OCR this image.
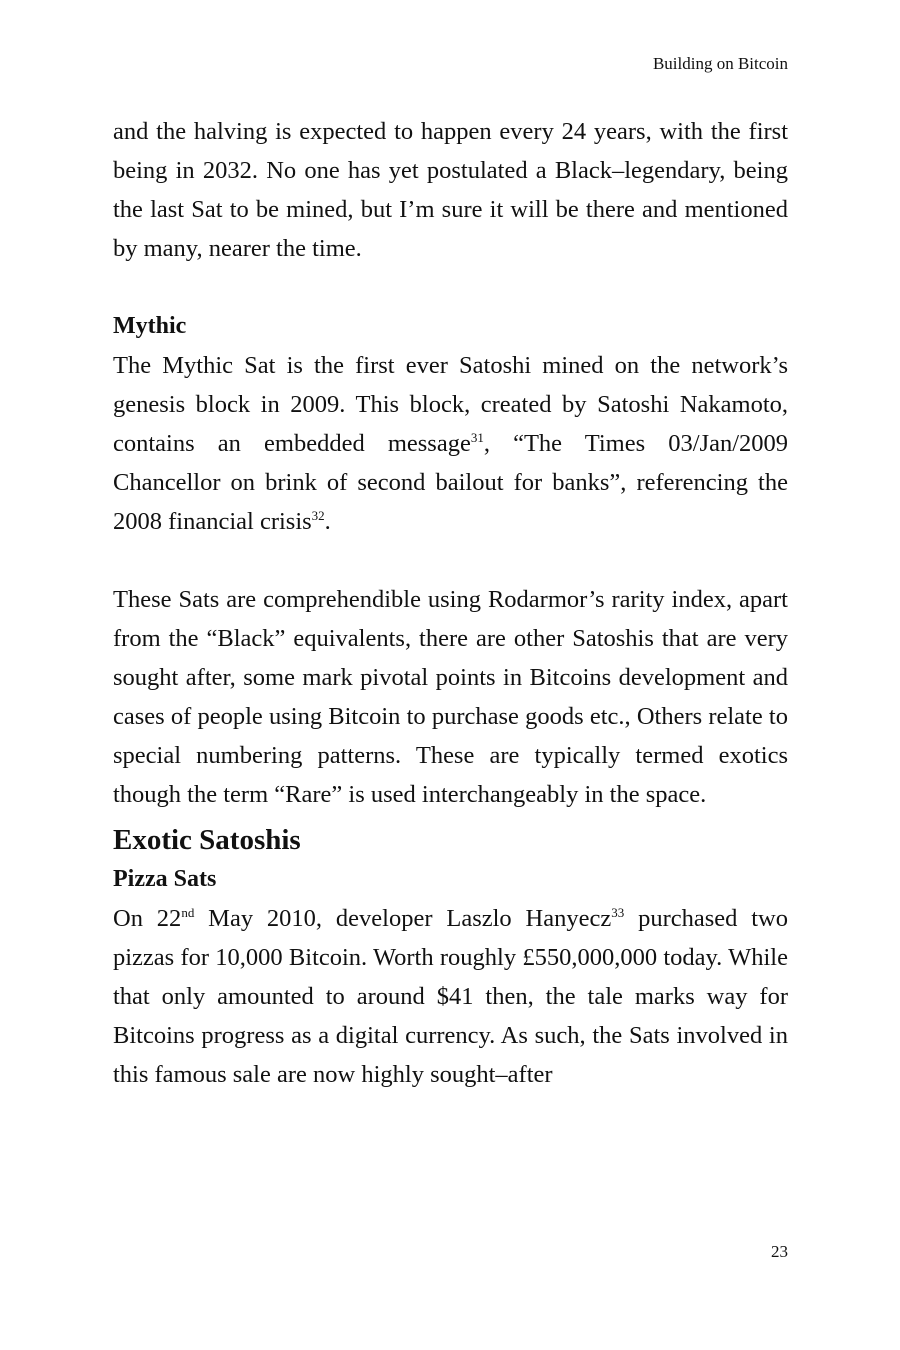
Building on Bitcoin

and the halving is expected to happen every 24 years, with the first being in 2032. No one has yet postulated a Black–legendary, being the last Sat to be mined, but I’m sure it will be there and mentioned by many, nearer the time.

Mythic

The Mythic Sat is the first ever Satoshi mined on the network’s genesis block in 2009. This block, created by Satoshi Nakamoto, contains an embedded message$^{31}$, “The Times 03/Jan/2009 Chancellor on brink of second bailout for banks”, referencing the 2008 financial crisis$^{32}$.

These Sats are comprehendible using Rodarmor’s rarity index, apart from the “Black” equivalents, there are other Satoshis that are very sought after, some mark pivotal points in Bitcoins development and cases of people using Bitcoin to purchase goods etc., Others relate to special numbering patterns. These are typically termed exotics though the term “Rare” is used interchangeably in the space.

Exotic Satoshis
Pizza Sats

On 22nd May 2010, developer Laszlo Hanyecz$^{33}$ purchased two pizzas for 10,000 Bitcoin. Worth roughly £550,000,000 today. While that only amounted to around $41 then, the tale marks way for Bitcoins progress as a digital currency. As such, the Sats involved in this famous sale are now highly sought–after

23
